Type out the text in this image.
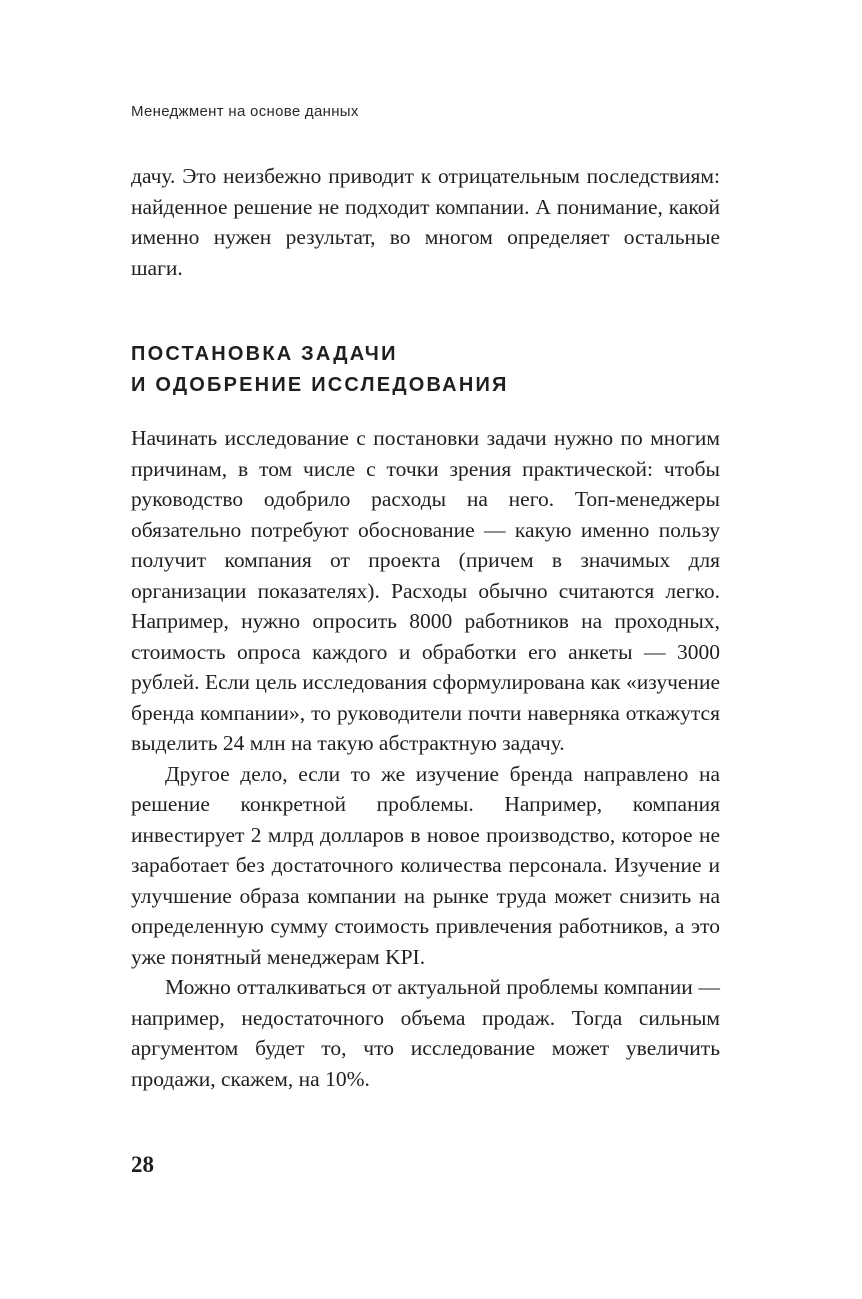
Менеджмент на основе данных

дачу. Это неизбежно приводит к отрицательным последствиям: найденное решение не подходит компании. А понимание, какой именно нужен результат, во многом определяет остальные шаги.

ПОСТАНОВКА ЗАДАЧИ
И ОДОБРЕНИЕ ИССЛЕДОВАНИЯ

Начинать исследование с постановки задачи нужно по многим причинам, в том числе с точки зрения практической: чтобы руководство одобрило расходы на него. Топ-менеджеры обязательно потребуют обоснование — какую именно пользу получит компания от проекта (причем в значимых для организации показателях). Расходы обычно считаются легко. Например, нужно опросить 8000 работников на проходных, стоимость опроса каждого и обработки его анкеты — 3000 рублей. Если цель исследования сформулирована как «изучение бренда компании», то руководители почти наверняка откажутся выделить 24 млн на такую абстрактную задачу.

Другое дело, если то же изучение бренда направлено на решение конкретной проблемы. Например, компания инвестирует 2 млрд долларов в новое производство, которое не заработает без достаточного количества персонала. Изучение и улучшение образа компании на рынке труда может снизить на определенную сумму стоимость привлечения работников, а это уже понятный менеджерам KPI.

Можно отталкиваться от актуальной проблемы компании — например, недостаточного объема продаж. Тогда сильным аргументом будет то, что исследование может увеличить продажи, скажем, на 10%.

28
